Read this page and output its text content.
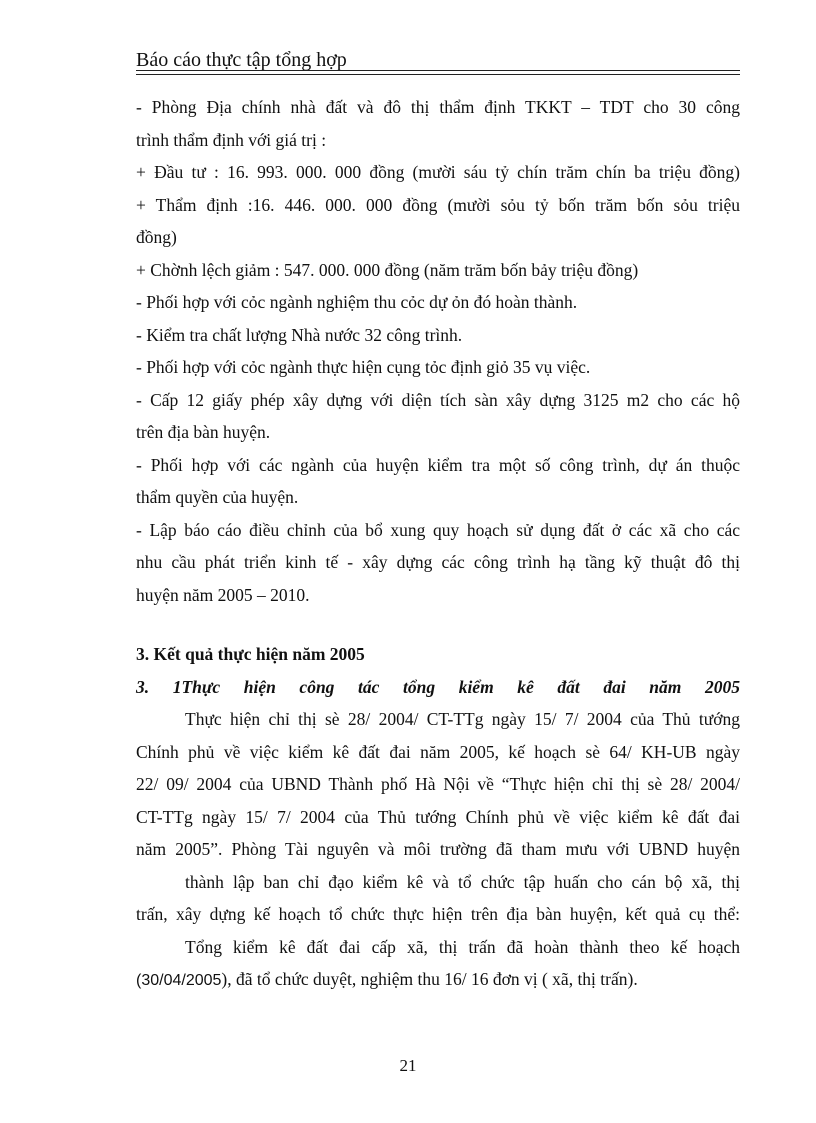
Báo cáo thực tập tổng hợp
- Phòng Địa chính nhà đất và đô thị thẩm định TKKT – TDT cho 30 công
trình thẩm định với giá trị :
+ Đầu tư : 16. 993. 000. 000 đồng (mười sáu tỷ chín trăm chín ba triệu đồng)
+ Thẩm định :16. 446. 000. 000 đồng (mười sỏu tỷ bốn trăm bốn sỏu triệu
đồng)
+ Chờnh lệch giảm : 547. 000. 000 đồng (năm trăm bốn bảy triệu đồng)
- Phối hợp với cỏc ngành nghiệm thu cỏc dự ỏn đó hoàn thành.
- Kiểm tra chất lượng Nhà nước 32 công trình.
- Phối hợp với cỏc ngành thực hiện cụng tỏc định giỏ 35 vụ việc.
- Cấp 12 giấy phép xây dựng với diện tích sàn xây dựng 3125 m2 cho các hộ
trên địa bàn huyện.
- Phối hợp với các ngành của huyện kiểm tra một số công trình, dự án thuộc
thẩm quyền của huyện.
- Lập báo cáo điều chỉnh của bổ xung quy hoạch sử dụng đất ở các xã cho các
nhu cầu phát triển kinh tế - xây dựng các công trình hạ tầng kỹ thuật đô thị
huyện năm 2005 – 2010.
3. Kết quả thực hiện năm 2005
3. 1Thực hiện công tác tổng kiểm kê đất đai năm 2005
Thực hiện chỉ thị sè 28/ 2004/ CT-TTg ngày 15/ 7/ 2004 của Thủ tướng
Chính phủ về việc kiểm kê đất đai năm 2005, kế hoạch sè 64/ KH-UB ngày
22/ 09/ 2004 của UBND Thành phố Hà Nội về “Thực hiện chỉ thị sè 28/ 2004/
CT-TTg ngày 15/ 7/ 2004 của Thủ tướng Chính phủ về việc kiểm kê đất đai
năm 2005”. Phòng Tài nguyên và môi trường đã tham mưu với UBND huyện
thành lập ban chỉ đạo kiểm kê và tổ chức tập huấn cho cán bộ xã, thị
trấn, xây dựng kế hoạch tổ chức thực hiện trên địa bàn huyện, kết quả cụ thể:
Tổng kiểm kê đất đai cấp xã, thị trấn đã hoàn thành theo kế hoạch
(30/04/2005), đã tổ chức duyệt, nghiệm thu 16/ 16 đơn vị ( xã, thị trấn).
21
